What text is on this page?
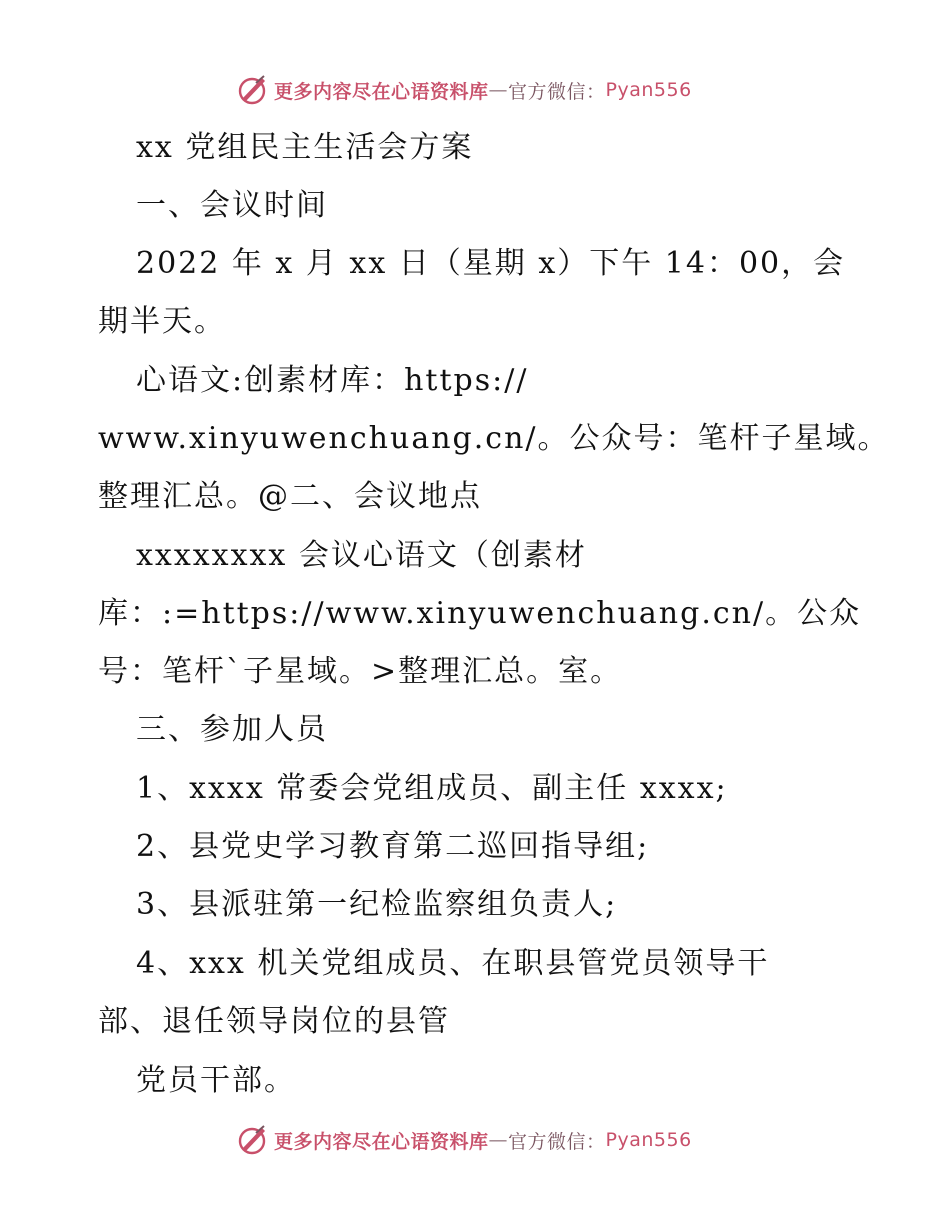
更多内容尽在心语资料库 — 官方微信： Pyan556
xx 党组民主生活会方案
一、会议时间
2022 年 x 月 xx 日（星期 x）下午 14：00，会
期半天。
心语文:创素材库：https://
www.xinyuwenchuang.cn/。公众号：笔杆子星域。
整理汇总。@二、会议地点
xxxxxxxx 会议心语文（创素材
库：:=https://www.xinyuwenchuang.cn/。公众
号：笔杆`子星域。>整理汇总。室。
三、参加人员
1、xxxx 常委会党组成员、副主任 xxxx;
2、县党史学习教育第二巡回指导组;
3、县派驻第一纪检监察组负责人;
4、xxx 机关党组成员、在职县管党员领导干
部、退任领导岗位的县管
党员干部。
更多内容尽在心语资料库 — 官方微信： Pyan556
